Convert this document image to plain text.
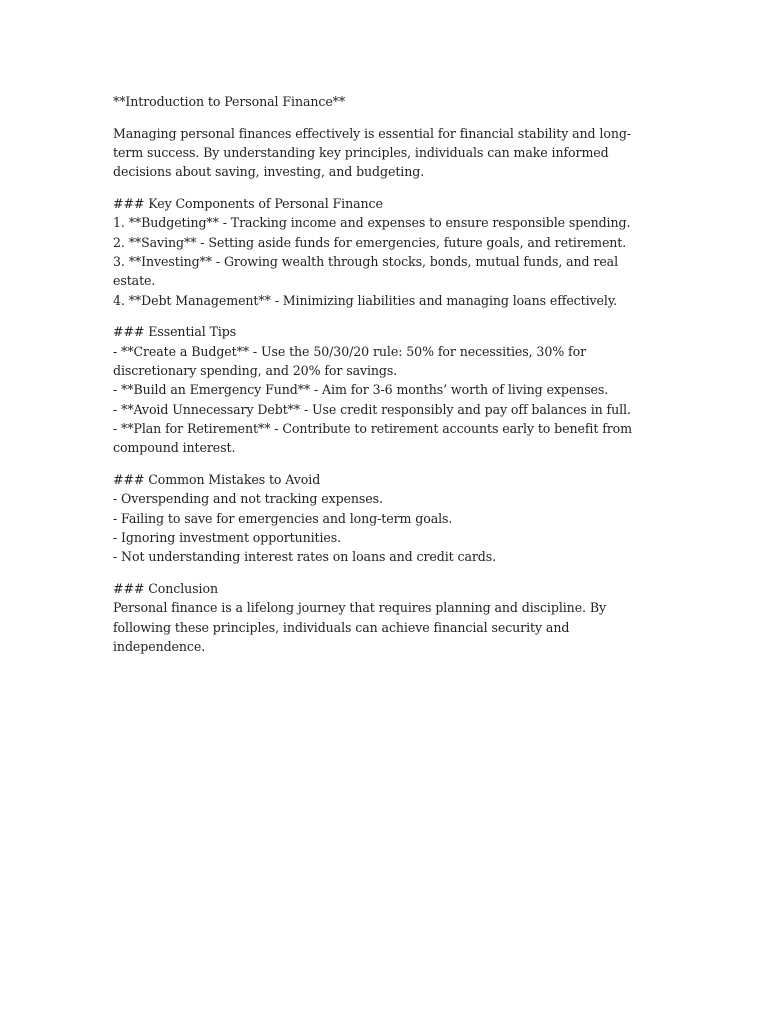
**Introduction to Personal Finance**

Managing personal finances effectively is essential for financial stability and long-term success. By understanding key principles, individuals can make informed decisions about saving, investing, and budgeting.

### Key Components of Personal Finance
1. **Budgeting** - Tracking income and expenses to ensure responsible spending.
2. **Saving** - Setting aside funds for emergencies, future goals, and retirement.
3. **Investing** - Growing wealth through stocks, bonds, mutual funds, and real estate.
4. **Debt Management** - Minimizing liabilities and managing loans effectively.
### Essential Tips
- **Create a Budget** - Use the 50/30/20 rule: 50% for necessities, 30% for discretionary spending, and 20% for savings.
- **Build an Emergency Fund** - Aim for 3-6 months’ worth of living expenses.
- **Avoid Unnecessary Debt** - Use credit responsibly and pay off balances in full.
- **Plan for Retirement** - Contribute to retirement accounts early to benefit from compound interest.
### Common Mistakes to Avoid
- Overspending and not tracking expenses.
- Failing to save for emergencies and long-term goals.
- Ignoring investment opportunities.
- Not understanding interest rates on loans and credit cards.
### Conclusion

Personal finance is a lifelong journey that requires planning and discipline. By following these principles, individuals can achieve financial security and independence.
